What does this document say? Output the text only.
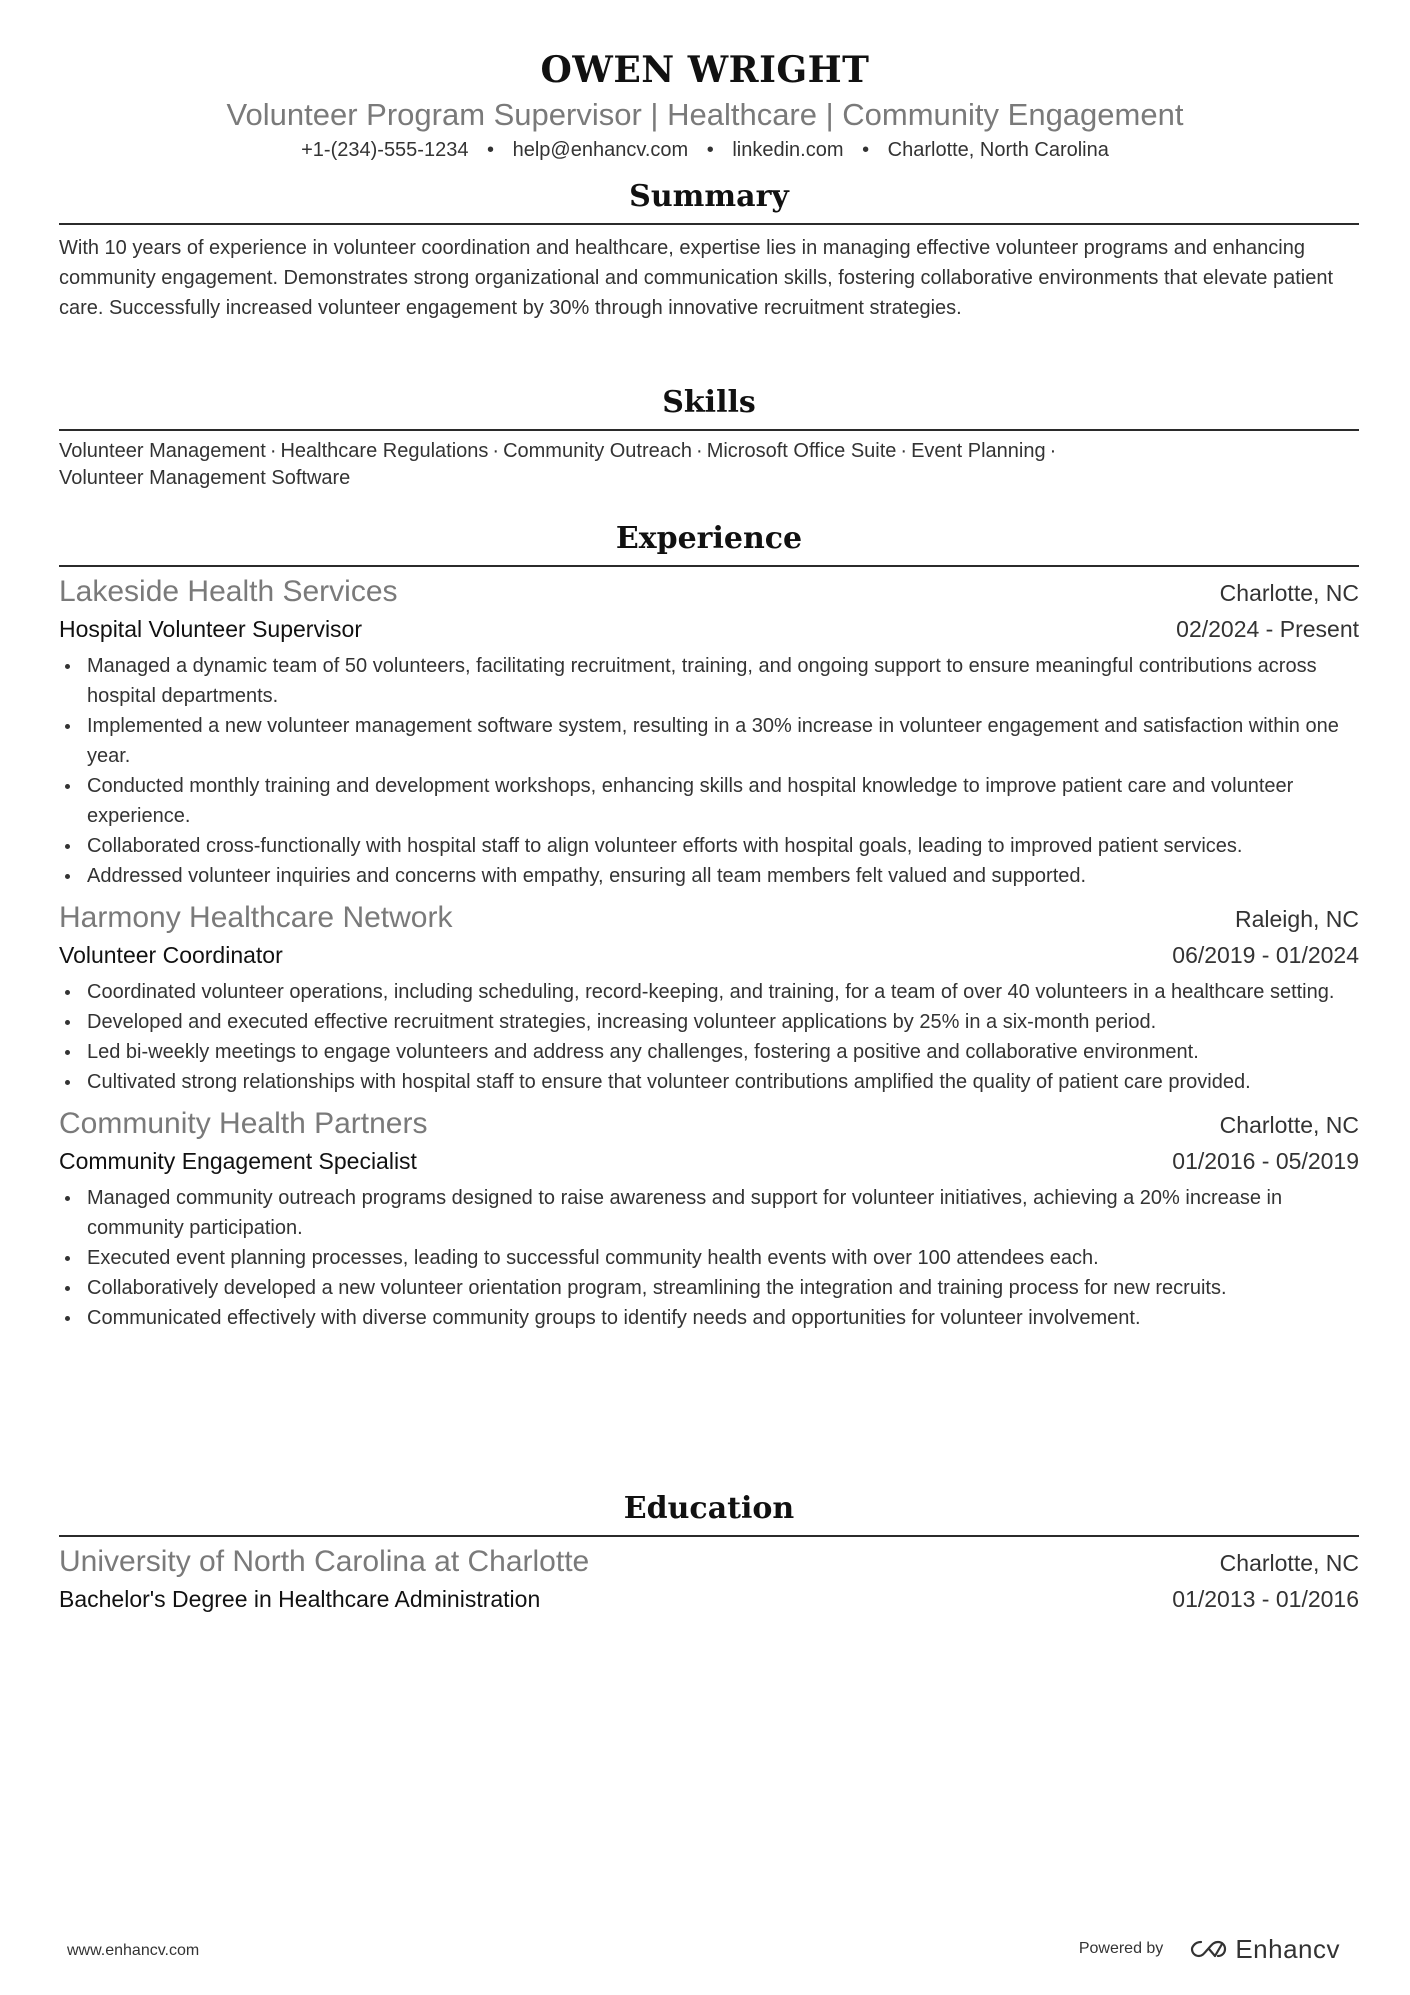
OWEN WRIGHT
Volunteer Program Supervisor | Healthcare | Community Engagement
+1-(234)-555-1234 • help@enhancv.com • linkedin.com • Charlotte, North Carolina
Summary
With 10 years of experience in volunteer coordination and healthcare, expertise lies in managing effective volunteer programs and enhancing community engagement. Demonstrates strong organizational and communication skills, fostering collaborative environments that elevate patient care. Successfully increased volunteer engagement by 30% through innovative recruitment strategies.
Skills
Volunteer Management · Healthcare Regulations · Community Outreach · Microsoft Office Suite · Event Planning ·
Volunteer Management Software
Experience
Lakeside Health Services	Charlotte, NC
Hospital Volunteer Supervisor	02/2024 - Present
Managed a dynamic team of 50 volunteers, facilitating recruitment, training, and ongoing support to ensure meaningful contributions across hospital departments.
Implemented a new volunteer management software system, resulting in a 30% increase in volunteer engagement and satisfaction within one year.
Conducted monthly training and development workshops, enhancing skills and hospital knowledge to improve patient care and volunteer experience.
Collaborated cross-functionally with hospital staff to align volunteer efforts with hospital goals, leading to improved patient services.
Addressed volunteer inquiries and concerns with empathy, ensuring all team members felt valued and supported.
Harmony Healthcare Network	Raleigh, NC
Volunteer Coordinator	06/2019 - 01/2024
Coordinated volunteer operations, including scheduling, record-keeping, and training, for a team of over 40 volunteers in a healthcare setting.
Developed and executed effective recruitment strategies, increasing volunteer applications by 25% in a six-month period.
Led bi-weekly meetings to engage volunteers and address any challenges, fostering a positive and collaborative environment.
Cultivated strong relationships with hospital staff to ensure that volunteer contributions amplified the quality of patient care provided.
Community Health Partners	Charlotte, NC
Community Engagement Specialist	01/2016 - 05/2019
Managed community outreach programs designed to raise awareness and support for volunteer initiatives, achieving a 20% increase in community participation.
Executed event planning processes, leading to successful community health events with over 100 attendees each.
Collaboratively developed a new volunteer orientation program, streamlining the integration and training process for new recruits.
Communicated effectively with diverse community groups to identify needs and opportunities for volunteer involvement.
Education
University of North Carolina at Charlotte	Charlotte, NC
Bachelor's Degree in Healthcare Administration	01/2013 - 01/2016
www.enhancv.com	Powered by	Enhancv
